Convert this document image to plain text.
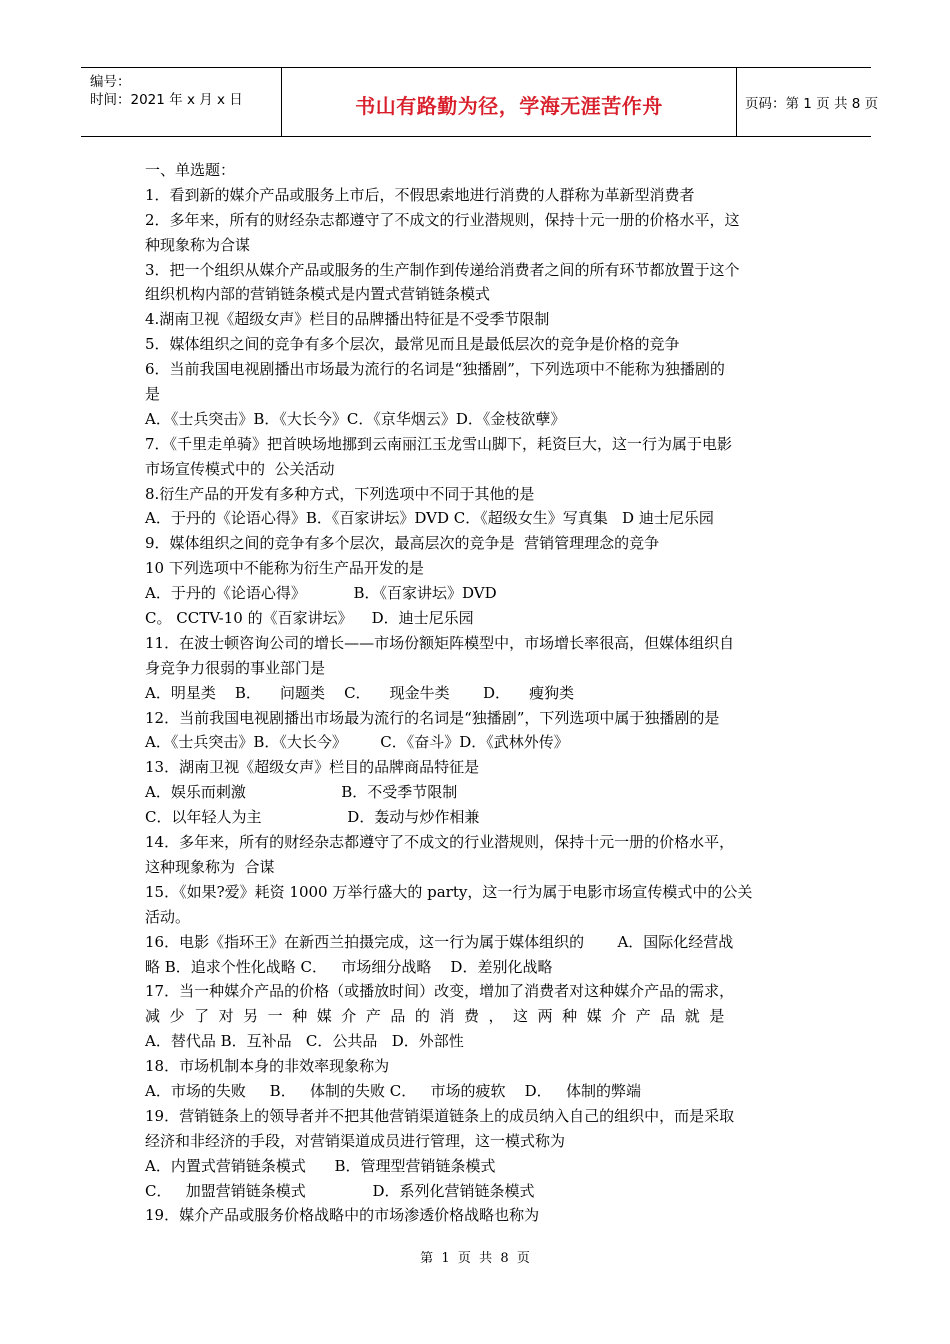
编号：
时间：2021 年 x 月 x 日	书山有路勤为径，学海无涯苦作舟	页码：第 1 页 共 8 页
一、单选题：
1．看到新的媒介产品或服务上市后，不假思索地进行消费的人群称为革新型消费者
2．多年来，所有的财经杂志都遵守了不成文的行业潜规则，保持十元一册的价格水平，这
种现象称为合谋
3．把一个组织从媒介产品或服务的生产制作到传递给消费者之间的所有环节都放置于这个
组织机构内部的营销链条模式是内置式营销链条模式
4.湖南卫视《超级女声》栏目的品牌播出特征是不受季节限制
5．媒体组织之间的竞争有多个层次，最常见而且是最低层次的竞争是价格的竞争
6．当前我国电视剧播出市场最为流行的名词是“独播剧”，下列选项中不能称为独播剧的
是
A．《士兵突击》B．《大长今》C．《京华烟云》D．《金枝欲孽》
7．《千里走单骑》把首映场地挪到云南丽江玉龙雪山脚下，耗资巨大，这一行为属于电影
市场宣传模式中的  公关活动
8.衍生产品的开发有多种方式，下列选项中不同于其他的是
A．于丹的《论语心得》B．《百家讲坛》DVD C．《超级女生》写真集   D 迪士尼乐园
9．媒体组织之间的竞争有多个层次，最高层次的竞争是  营销管理理念的竞争
10 下列选项中不能称为衍生产品开发的是
A．于丹的《论语心得》          B．《百家讲坛》DVD
C。 CCTV-10 的《百家讲坛》    D．迪士尼乐园
11．在波士顿咨询公司的增长——市场份额矩阵模型中，市场增长率很高，但媒体组织自
身竞争力很弱的事业部门是
A．明星类    B．    问题类    C．    现金牛类       D．    瘦狗类
12．当前我国电视剧播出市场最为流行的名词是“独播剧”，下列选项中属于独播剧的是
A．《士兵突击》B．《大长今》       C．《奋斗》D．《武林外传》
13．湖南卫视《超级女声》栏目的品牌商品特征是
A．娱乐而刺激                    B．不受季节限制
C．以年轻人为主                  D．轰动与炒作相兼
14．多年来，所有的财经杂志都遵守了不成文的行业潜规则，保持十元一册的价格水平，
这种现象称为  合谋
15．《如果?爱》耗资 1000 万举行盛大的 party，这一行为属于电影市场宣传模式中的公关
活动。
16．电影《指环王》在新西兰拍摄完成，这一行为属于媒体组织的       A．国际化经营战
略 B．追求个性化战略 C．   市场细分战略    D．差别化战略
17．当一种媒介产品的价格（或播放时间）改变，增加了消费者对这种媒介产品的需求，
减  少  了  对  另  一  种  媒  介  产  品  的  消  费  ，  这  两  种  媒  介  产  品  就  是
A．替代品 B．互补品   C．公共品   D．外部性
18．市场机制本身的非效率现象称为
A．市场的失败     B．   体制的失败 C．   市场的疲软    D．   体制的弊端
19．营销链条上的领导者并不把其他营销渠道链条上的成员纳入自己的组织中，而是采取
经济和非经济的手段，对营销渠道成员进行管理，这一模式称为
A．内置式营销链条模式      B．管理型营销链条模式
C．   加盟营销链条模式              D．系列化营销链条模式
19．媒介产品或服务价格战略中的市场渗透价格战略也称为
第  1  页  共  8  页
